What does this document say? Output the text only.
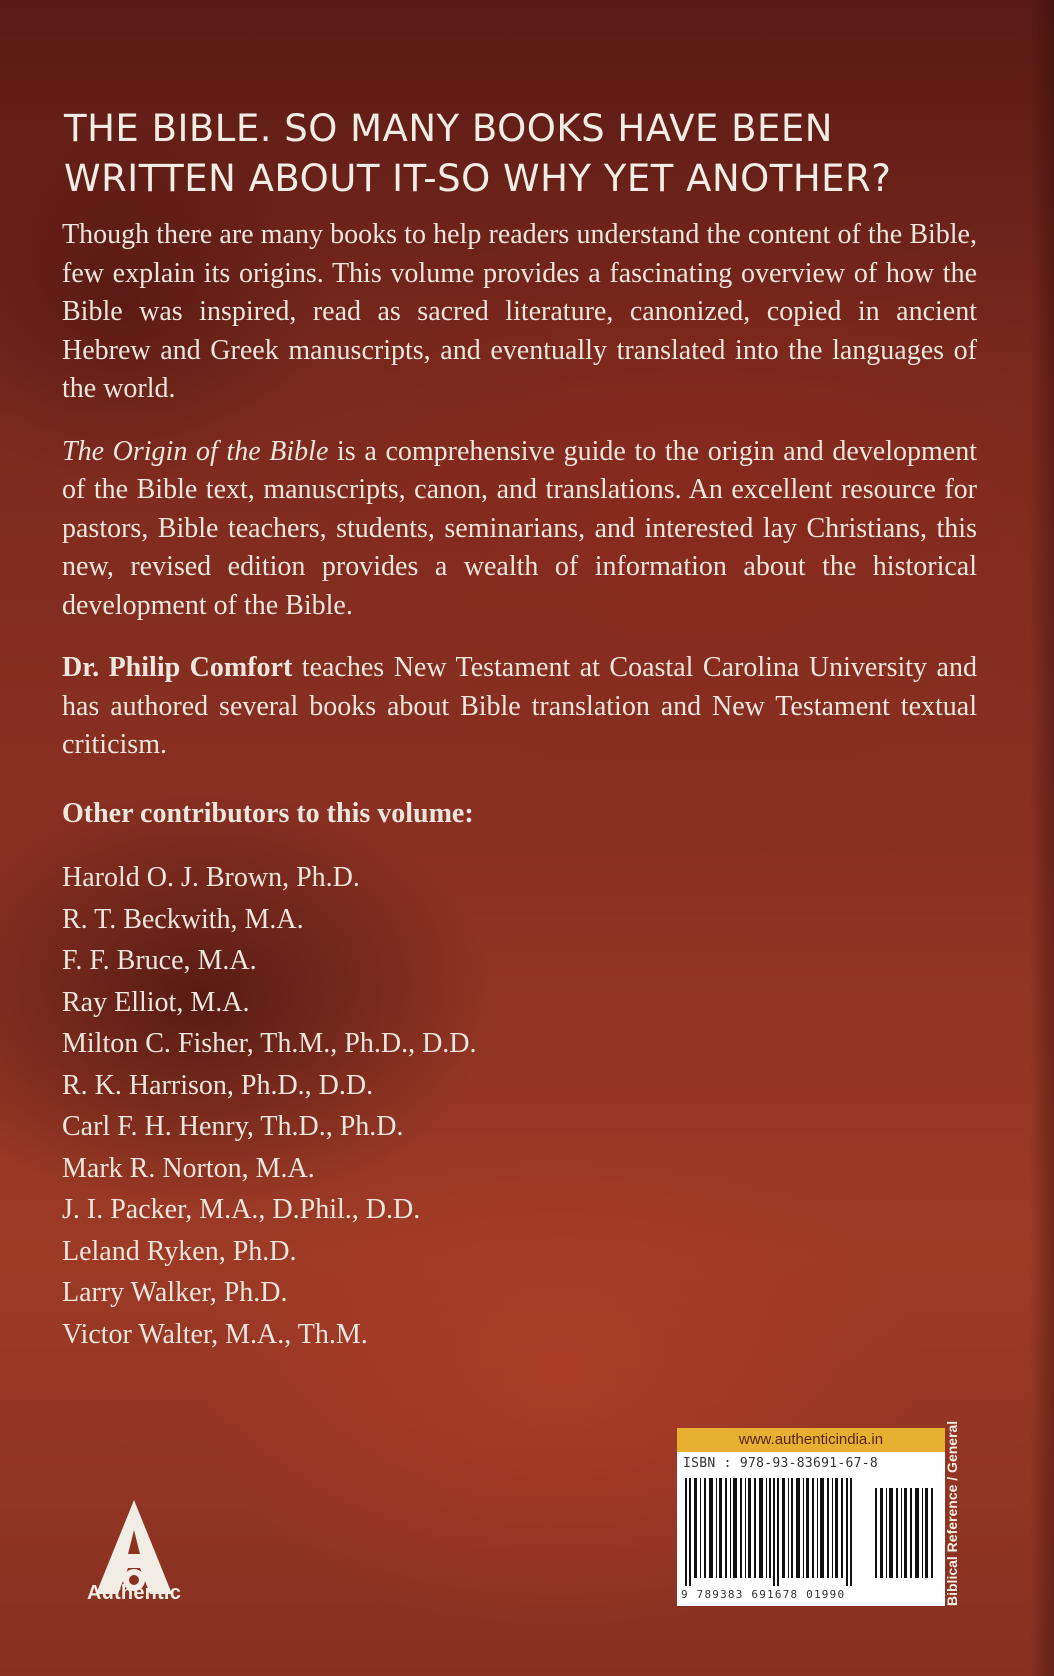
THE BIBLE. SO MANY BOOKS HAVE BEEN
WRITTEN ABOUT IT-SO WHY YET ANOTHER?

Though there are many books to help readers understand the content of the Bible, few explain its origins. This volume provides a fascinating overview of how the Bible was inspired, read as sacred literature, canonized, copied in ancient Hebrew and Greek manuscripts, and eventually translated into the languages of the world.

The Origin of the Bible is a comprehensive guide to the origin and development of the Bible text, manuscripts, canon, and translations. An excellent resource for pastors, Bible teachers, students, seminarians, and interested lay Christians, this new, revised edition provides a wealth of information about the historical development of the Bible.

Dr. Philip Comfort teaches New Testament at Coastal Carolina University and has authored several books about Bible translation and New Testament textual criticism.

Other contributors to this volume:

Harold O. J. Brown, Ph.D.
R. T. Beckwith, M.A.
F. F. Bruce, M.A.
Ray Elliot, M.A.
Milton C. Fisher, Th.M., Ph.D., D.D.
R. K. Harrison, Ph.D., D.D.
Carl F. H. Henry, Th.D., Ph.D.
Mark R. Norton, M.A.
J. I. Packer, M.A., D.Phil., D.D.
Leland Ryken, Ph.D.
Larry Walker, Ph.D.
Victor Walter, M.A., Th.M.
Authentic
www.authenticindia.in
ISBN : 978-93-83691-67-8
9 789383 691678 01990	Biblical Reference / General
